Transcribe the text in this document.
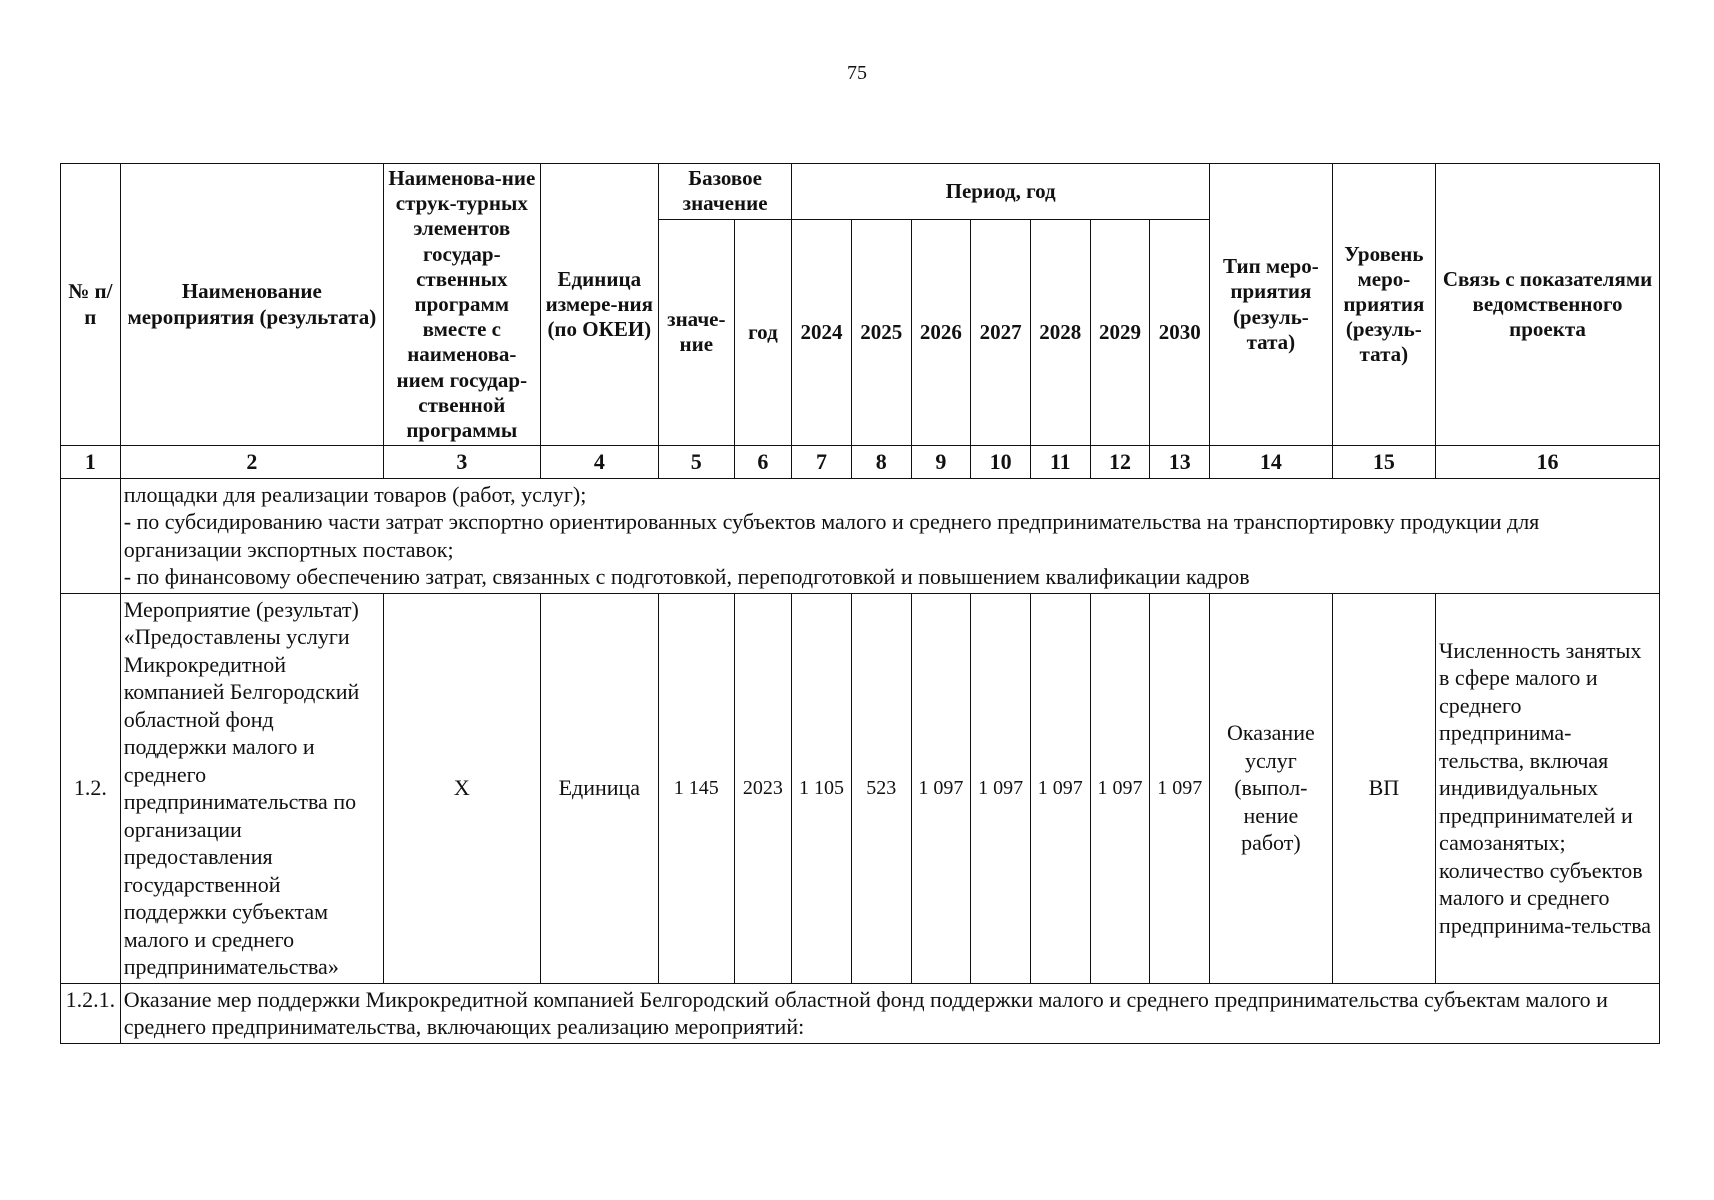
75
№ п/п	Наименование мероприятия (результата)	Наименова-ние струк-турных элементов государ-ственных программ вместе с наименова-нием государ-ственной программы	Единица измере-ния (по ОКЕИ)	Базовое значение		Период, год							Тип меро-приятия (резуль-тата)	Уровень меро-приятия (резуль-тата)	Связь с показателями ведомственного проекта
				значе-ние	год	2024	2025	2026	2027	2028	2029	2030			
1	2	3	4	5	6	7	8	9	10	11	12	13	14	15	16

	площадки для реализации товаров (работ, услуг);
- по субсидированию части затрат экспортно ориентированных субъектов малого и среднего предпринимательства на транспортировку продукции для организации экспортных поставок;
- по финансовому обеспечению затрат, связанных с подготовкой, переподготовкой и повышением квалификации кадров														

1.2.	Мероприятие (результат) «Предоставлены услуги Микрокредитной компанией Белгородский областной фонд поддержки малого и среднего предпринимательства по организации предоставления государственной поддержки субъектам малого и среднего предпринимательства»	Х	Единица	1 145	2023	1 105	523	1 097	1 097	1 097	1 097	1 097	Оказание услуг (выпол-нение работ)	ВП	Численность занятых в сфере малого и среднего предпринима-тельства, включая индивидуальных предпринимателей и самозанятых; количество субъектов малого и среднего предпринима-тельства
1.2.1.	Оказание мер поддержки Микрокредитной компанией Белгородский областной фонд поддержки малого и среднего предпринимательства субъектам малого и среднего предпринимательства, включающих реализацию мероприятий:														
